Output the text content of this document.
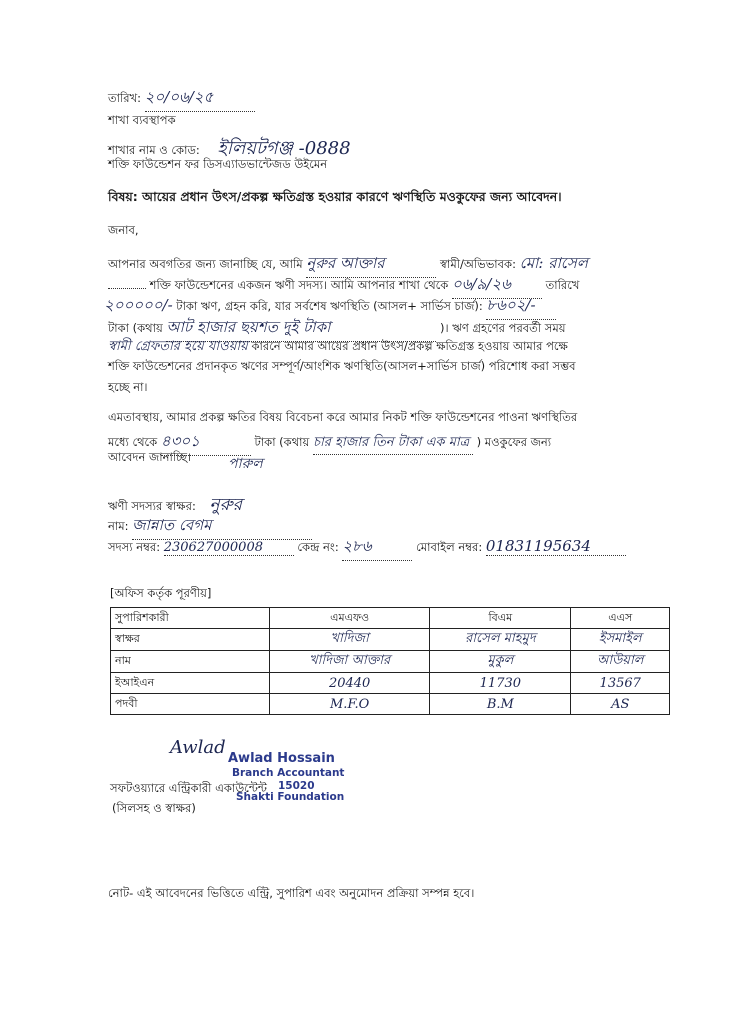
তারিখ: ২০/০৬/২৫
শাখা ব্যবস্থাপক
শাখার নাম ও কোড: ইলিয়টগঞ্জ -0888
শক্তি ফাউন্ডেশন ফর ডিসএ্যাডভান্টেজড উইমেন
বিষয়: আয়ের প্রধান উৎস/প্রকল্প ক্ষতিগ্রস্ত হওয়ার কারণে ঋণস্থিতি মওকুফের জন্য আবেদন।
জনাব,
আপনার অবগতির জন্য জানাচ্ছি যে, আমি নুরুর আক্তার	স্বামী/অভিভাবক: মো: রাসেল
শক্তি ফাউন্ডেশনের একজন ঋণী সদস্য। আমি আপনার শাখা থেকে ০৬/৯/২৬	তারিখে
২০০০০০/- টাকা ঋণ, গ্রহন করি, যার সর্বশেষ ঋণস্থিতি (আসল+ সার্ভিস চার্জ): ৮৬০২/-
টাকা (কথায় আট হাজার ছয়শত দুই টাকা	)। ঋণ গ্রহণের পরবর্তী সময়
স্বামী গ্রেফতার হয়ে যাওয়ায় কারনে আমার আয়ের প্রধান উৎস/প্রকল্প ক্ষতিগ্রস্ত হওয়ায় আমার পক্ষে
শক্তি ফাউন্ডেশনের প্রদানকৃত ঋণের সম্পূর্ণ/আংশিক ঋণস্থিতি(আসল+সার্ভিস চার্জ) পরিশোধ করা সম্ভব
হচ্ছে না।
এমতাবস্থায়, আমার প্রকল্প ক্ষতির বিষয় বিবেচনা করে আমার নিকট শক্তি ফাউন্ডেশনের পাওনা ঋণস্থিতির
মধ্যে থেকে ৪৩০১	টাকা (কথায় চার হাজার তিন টাকা এক মাত্র ) মওকুফের জন্য
আবেদন জানাচ্ছি।	পারুল
ঋণী সদস্যর স্বাক্ষর: নুরুর
নাম: জান্নাত বেগম
সদস্য নম্বর: 230627000008	কেন্দ্র নং: ২৮৬	মোবাইল নম্বর: 01831195634
[অফিস কর্তৃক পূরণীয়]
সুপারিশকারী	এমএফও	বিএম	এএস
স্বাক্ষর	খাদিজা	রাসেল মাহমুদ	ইসমাইল
নাম	খাদিজা আক্তার	মুকুল	আউয়াল
ইআইএন	20440	11730	13567
পদবী	M.F.O	B.M	AS
Awlad
Awlad Hossain
Branch Accountant
15020
Shakti Foundation
সফটওয়্যারে এন্ট্রিকারী একাউন্টেন্ট
(সিলসহ ও স্বাক্ষর)
নোট- এই আবেদনের ভিত্তিতে এন্ট্রি, সুপারিশ এবং অনুমোদন প্রক্রিয়া সম্পন্ন হবে।
